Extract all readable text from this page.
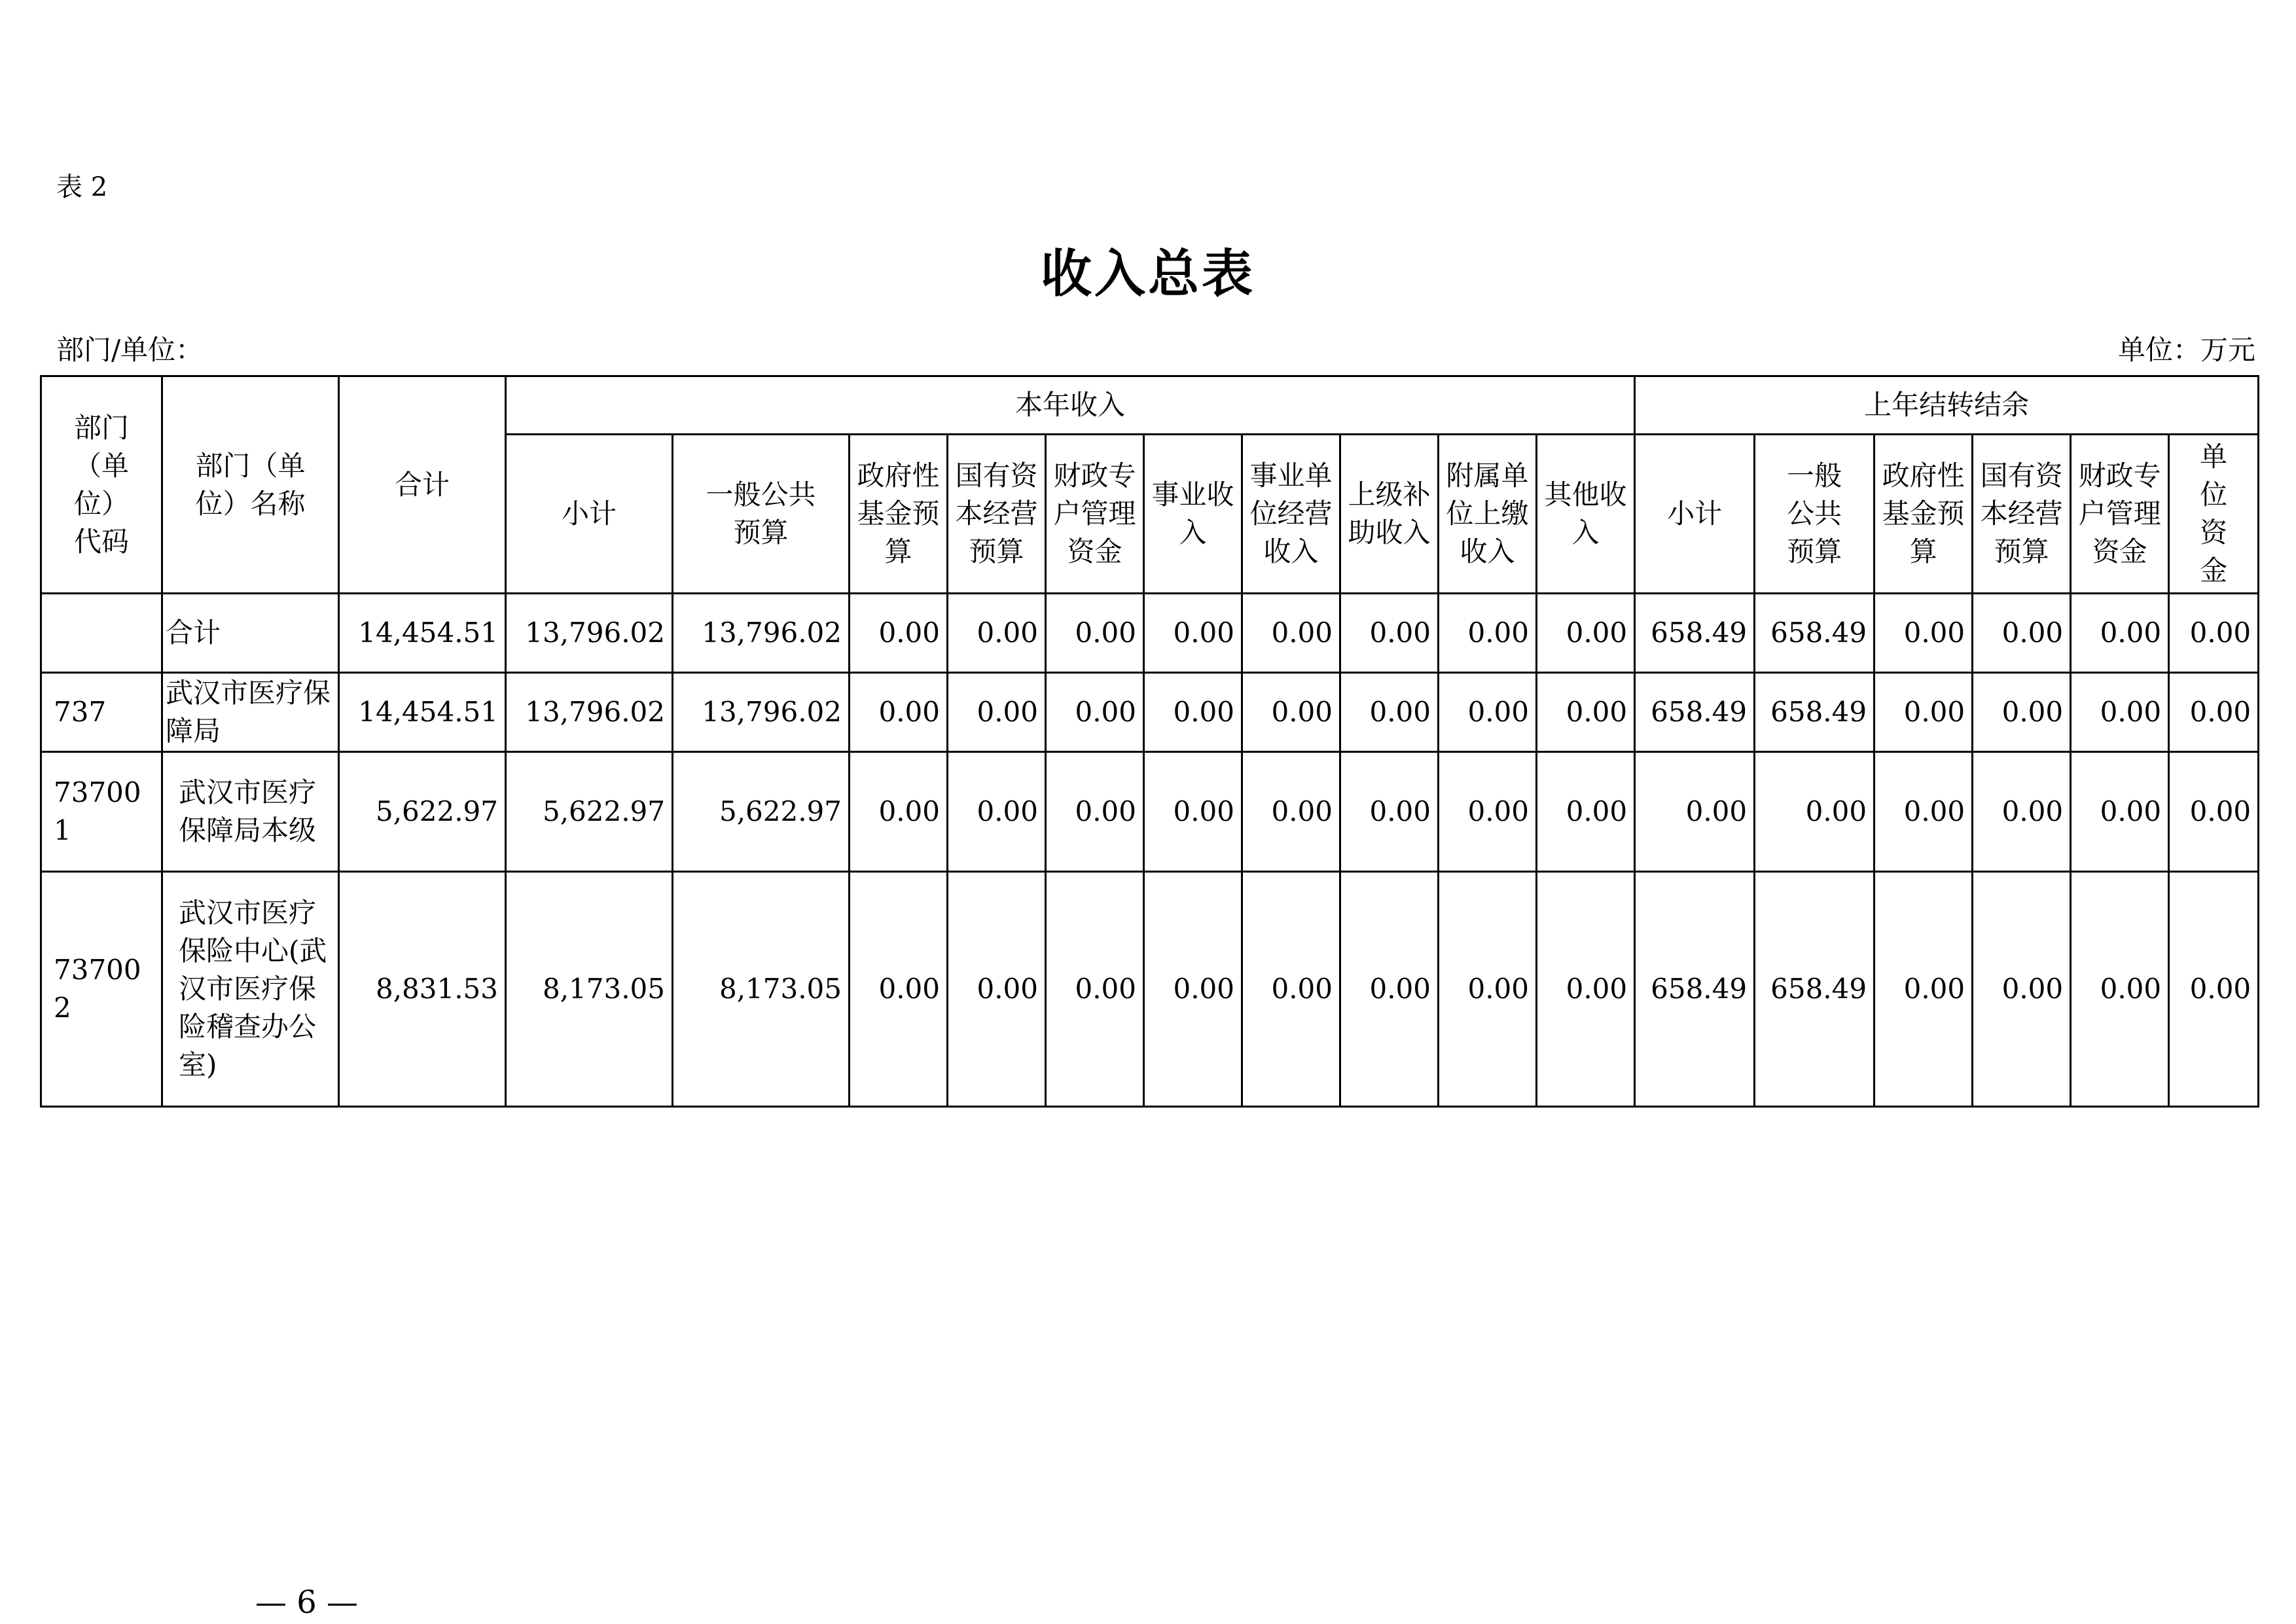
表 2
收入总表
部门/单位：	单位：万元
部门（单位）代码	部门（单位）名称	合计	本年收入										上年结转结余					
			小计	一般公共预算	政府性基金预算	国有资本经营预算	财政专户管理资金	事业收入	事业单位经营收入	上级补助收入	附属单位上缴收入	其他收入	小计	一般公共预算	政府性基金预算	国有资本经营预算	财政专户管理资金	单位资金
	合计	14,454.51	13,796.02	13,796.02	0.00	0.00	0.00	0.00	0.00	0.00	0.00	0.00	658.49	658.49	0.00	0.00	0.00	0.00
737	武汉市医疗保障局	14,454.51	13,796.02	13,796.02	0.00	0.00	0.00	0.00	0.00	0.00	0.00	0.00	658.49	658.49	0.00	0.00	0.00	0.00
737001	武汉市医疗保障局本级	5,622.97	5,622.97	5,622.97	0.00	0.00	0.00	0.00	0.00	0.00	0.00	0.00	0.00	0.00	0.00	0.00	0.00	0.00
737002	武汉市医疗保险中心(武汉市医疗保险稽查办公室)	8,831.53	8,173.05	8,173.05	0.00	0.00	0.00	0.00	0.00	0.00	0.00	0.00	658.49	658.49	0.00	0.00	0.00	0.00
— 6 —
